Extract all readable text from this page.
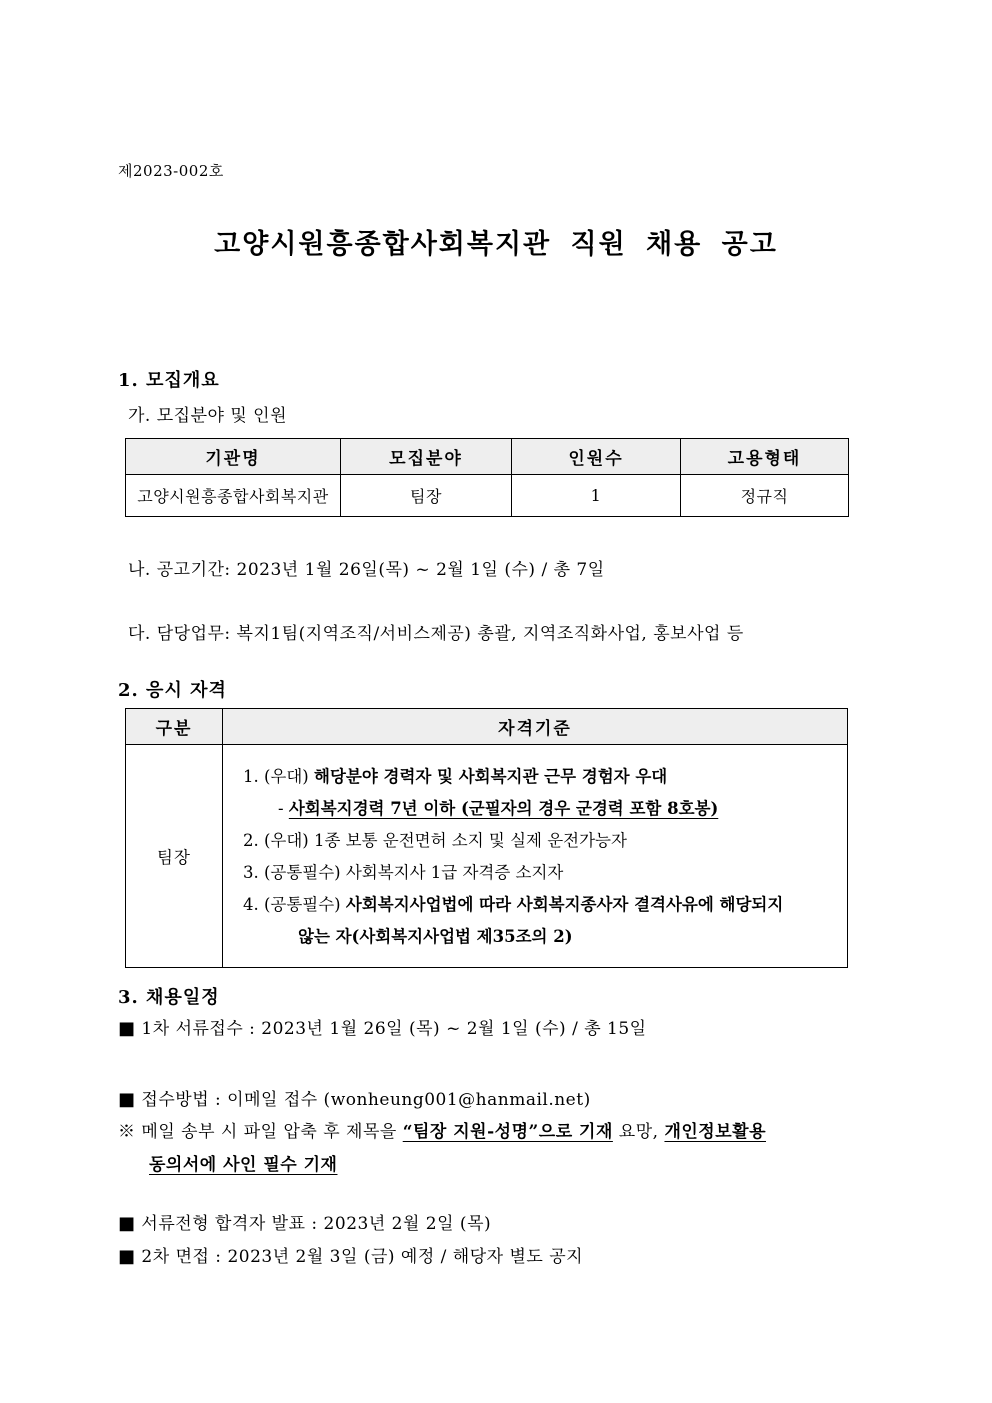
제2023-002호
고양시원흥종합사회복지관 직원 채용 공고
1. 모집개요
가. 모집분야 및 인원
기관명	모집분야	인원수	고용형태
고양시원흥종합사회복지관	팀장	1	정규직
나. 공고기간: 2023년 1월 26일(목) ~ 2월 1일 (수) / 총 7일
다. 담당업무: 복지1팀(지역조직/서비스제공) 총괄, 지역조직화사업, 홍보사업 등
2. 응시 자격
구분	자격기준
팀장	
1. (우대) 해당분야 경력자 및 사회복지관 근무 경험자 우대
- 사회복지경력 7년 이하 (군필자의 경우 군경력 포함 8호봉)
2. (우대) 1종 보통 운전면허 소지 및 실제 운전가능자
3. (공통필수) 사회복지사 1급 자격증 소지자
4. (공통필수) 사회복지사업법에 따라 사회복지종사자 결격사유에 해당되지
않는 자(사회복지사업법 제35조의 2)
3. 채용일정
■ 1차 서류접수 : 2023년 1월 26일 (목) ~ 2월 1일 (수) / 총 15일
■ 접수방법 : 이메일 접수 (wonheung001@hanmail.net)
※ 메일 송부 시 파일 압축 후 제목을 “팀장 지원-성명”으로 기재 요망, 개인정보활용
동의서에 사인 필수 기재
■ 서류전형 합격자 발표 : 2023년 2월 2일 (목)
■ 2차 면접 : 2023년 2월 3일 (금) 예정 / 해당자 별도 공지
